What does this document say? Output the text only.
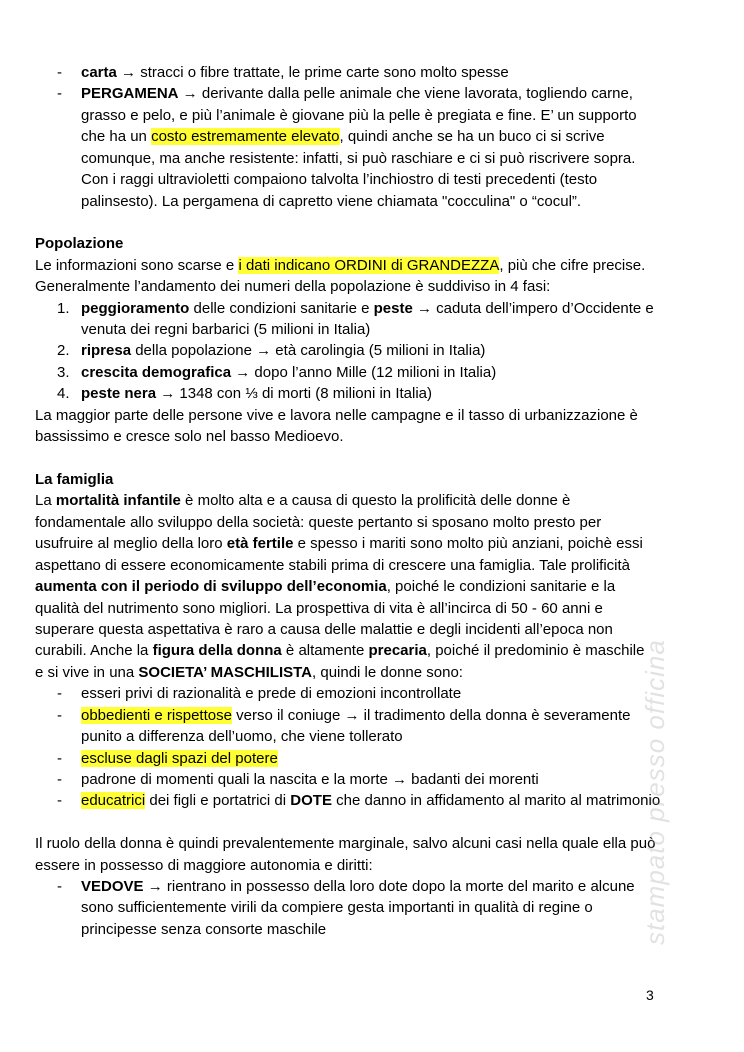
- carta → stracci o fibre trattate, le prime carte sono molto spesse
- PERGAMENA → derivante dalla pelle animale che viene lavorata, togliendo carne,
grasso e pelo, e più l’animale è giovane più la pelle è pregiata e fine. E’ un supporto
che ha un costo estremamente elevato, quindi anche se ha un buco ci si scrive
comunque, ma anche resistente: infatti, si può raschiare e ci si può riscrivere sopra.
Con i raggi ultravioletti compaiono talvolta l’inchiostro di testi precedenti (testo
palinsesto). La pergamena di capretto viene chiamata "cocculina" o “cocul”.
Popolazione
Le informazioni sono scarse e i dati indicano ORDINI di GRANDEZZA, più che cifre precise.
Generalmente l’andamento dei numeri della popolazione è suddiviso in 4 fasi:
1. peggioramento delle condizioni sanitarie e peste → caduta dell’impero d’Occidente e
venuta dei regni barbarici (5 milioni in Italia)
2. ripresa della popolazione → età carolingia (5 milioni in Italia)
3. crescita demografica → dopo l’anno Mille (12 milioni in Italia)
4. peste nera → 1348 con ⅓ di morti (8 milioni in Italia)
La maggior parte delle persone vive e lavora nelle campagne e il tasso di urbanizzazione è
bassissimo e cresce solo nel basso Medioevo.
La famiglia
La mortalità infantile è molto alta e a causa di questo la prolificità delle donne è
fondamentale allo sviluppo della società: queste pertanto si sposano molto presto per
usufruire al meglio della loro età fertile e spesso i mariti sono molto più anziani, poichè essi
aspettano di essere economicamente stabili prima di crescere una famiglia. Tale prolificità
aumenta con il periodo di sviluppo dell’economia, poiché le condizioni sanitarie e la
qualità del nutrimento sono migliori. La prospettiva di vita è all’incirca di 50 - 60 anni e
superare questa aspettativa è raro a causa delle malattie e degli incidenti all’epoca non
curabili. Anche la figura della donna è altamente precaria, poiché il predominio è maschile
e si vive in una SOCIETA’ MASCHILISTA, quindi le donne sono:
- esseri privi di razionalità e prede di emozioni incontrollate
- obbedienti e rispettose verso il coniuge → il tradimento della donna è severamente
punito a differenza dell’uomo, che viene tollerato
- escluse dagli spazi del potere
- padrone di momenti quali la nascita e la morte → badanti dei morenti
- educatrici dei figli e portatrici di DOTE che danno in affidamento al marito al matrimonio
Il ruolo della donna è quindi prevalentemente marginale, salvo alcuni casi nella quale ella può
essere in possesso di maggiore autonomia e diritti:
- VEDOVE → rientrano in possesso della loro dote dopo la morte del marito e alcune
sono sufficientemente virili da compiere gesta importanti in qualità di regine o
principesse senza consorte maschile	stampato presso officina
3
